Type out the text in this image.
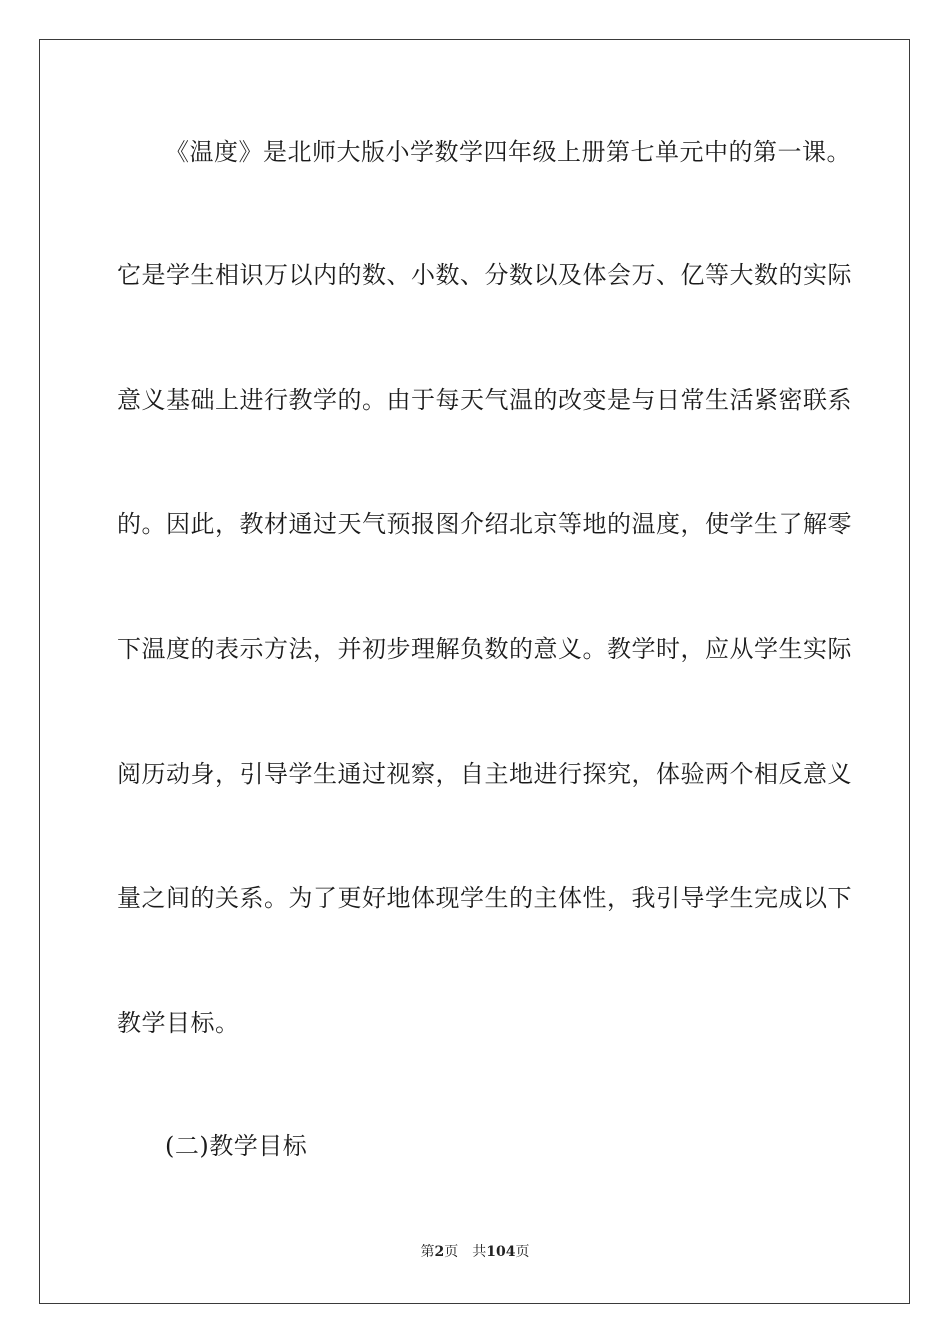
《温度》是北师大版小学数学四年级上册第七单元中的第一课。
它是学生相识万以内的数、小数、分数以及体会万、亿等大数的实际
意义基础上进行教学的。由于每天气温的改变是与日常生活紧密联系
的。因此，教材通过天气预报图介绍北京等地的温度，使学生了解零
下温度的表示方法，并初步理解负数的意义。教学时，应从学生实际
阅历动身，引导学生通过视察，自主地进行探究，体验两个相反意义
量之间的关系。为了更好地体现学生的主体性，我引导学生完成以下
教学目标。
(二)教学目标
第2页 共104页
